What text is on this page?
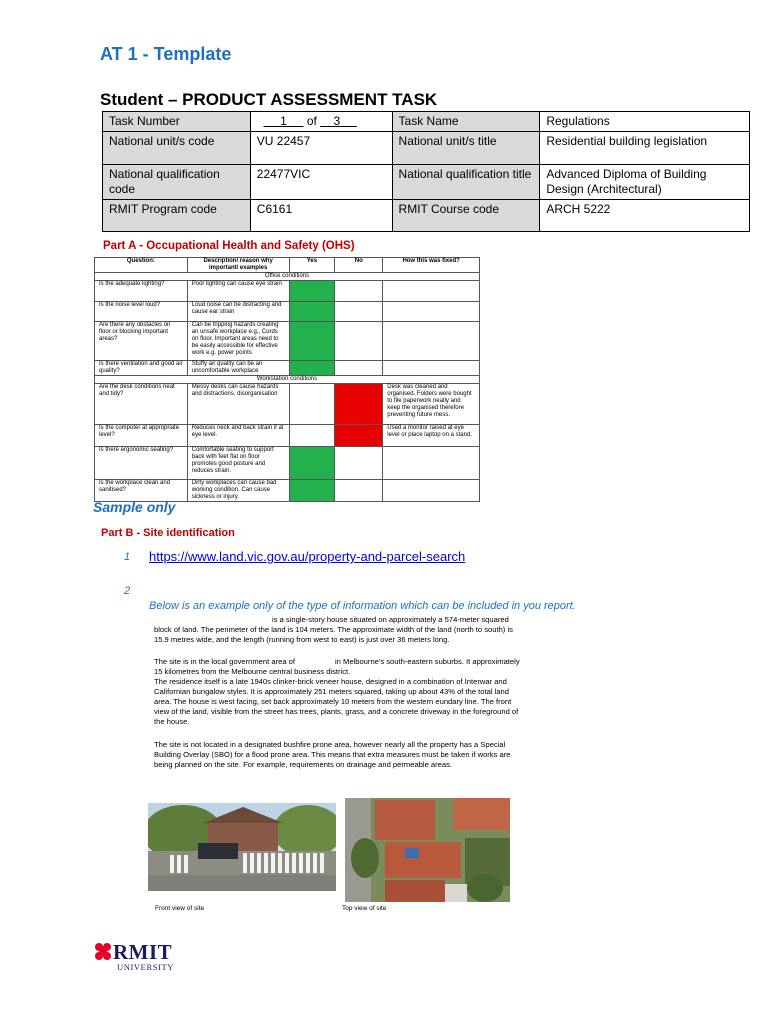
AT 1 - Template
Student – PRODUCT ASSESSMENT TASK
Task Number	1 of 3	Task Name	Regulations
National unit/s code	VU 22457	National unit/s title	Residential building legislation
National qualification code	22477VIC	National qualification title	Advanced Diploma of Building Design (Architectural)
RMIT Program code	C6161	RMIT Course code	ARCH 5222
Part A - Occupational Health and Safety (OHS)
Question:	Description/ reason why important/ examples	Yes	No	How this was fixed?
Office conditions				
Is the adequate lighting?	Poor lighting can cause eye strain			
Is the noise level loud?	Loud noise can be distracting and cause ear strain			
Are there any obstacles on floor or blocking important areas?	Can be tripping hazards creating an unsafe workplace e.g., Cords on floor. Important areas need to be easily accessible for effective work e.g. power points			
Is there ventilation and good air quality?	Stuffy air quality can be an uncomfortable workplace			
Workstation conditions				
Are the desk conditions neat and tidy?	Messy desks can cause hazards and distractions, disorganisation			Desk was cleaned and organised. Folders were bought to file paperwork neatly and keep the organised therefore preventing future mess.
Is the computer at appropriate level?	Reduces neck and back strain if at eye level.			Used a monitor raised at eye level or place laptop on a stand.
Is there ergonomic seating?	Comfortable seating to support back with feet flat on floor promotes good posture and reduces strain.			
Is the workplace clean and sanitised?	Dirty workplaces can cause bad working condition. Can cause sickness or injury.			
Sample only
Part B - Site identification
1 https://www.land.vic.gov.au/property-and-parcel-search
2
Below is an example only of the type of information which can be included in you report.

is a single-story house situated on approximately a 574-meter squared

block of land. The perimeter of the land is 104 meters. The approximate width of the land (north to south) is 15.9 metres wide, and the length (running from west to east) is just over 36 meters long.

The site is in the local government area of	in Melbourne's south-eastern suburbs. It approximately 15 kilometres from the Melbourne central business district.

The residence itself is a late 1940s clinker-brick veneer house, designed in a combination of Interwar and Californian bungalow styles. It is approximately 251 meters squared, taking up about 43% of the total land area. The house is west facing, set back approximately 10 meters from the western eundary line. The front view of the land, visible from the street has trees, plants, grass, and a concrete driveway in the foreground of the house.

The site is not located in a designated bushfire prone area, however nearly all the property has a Special Building Overlay (SBO) for a flood prone area. This means that extra measures must be taken if works are being planned on the site. For example, requirements on drainage and permeable areas.
Front view of site	Top view of site
RMIT
UNIVERSITY
